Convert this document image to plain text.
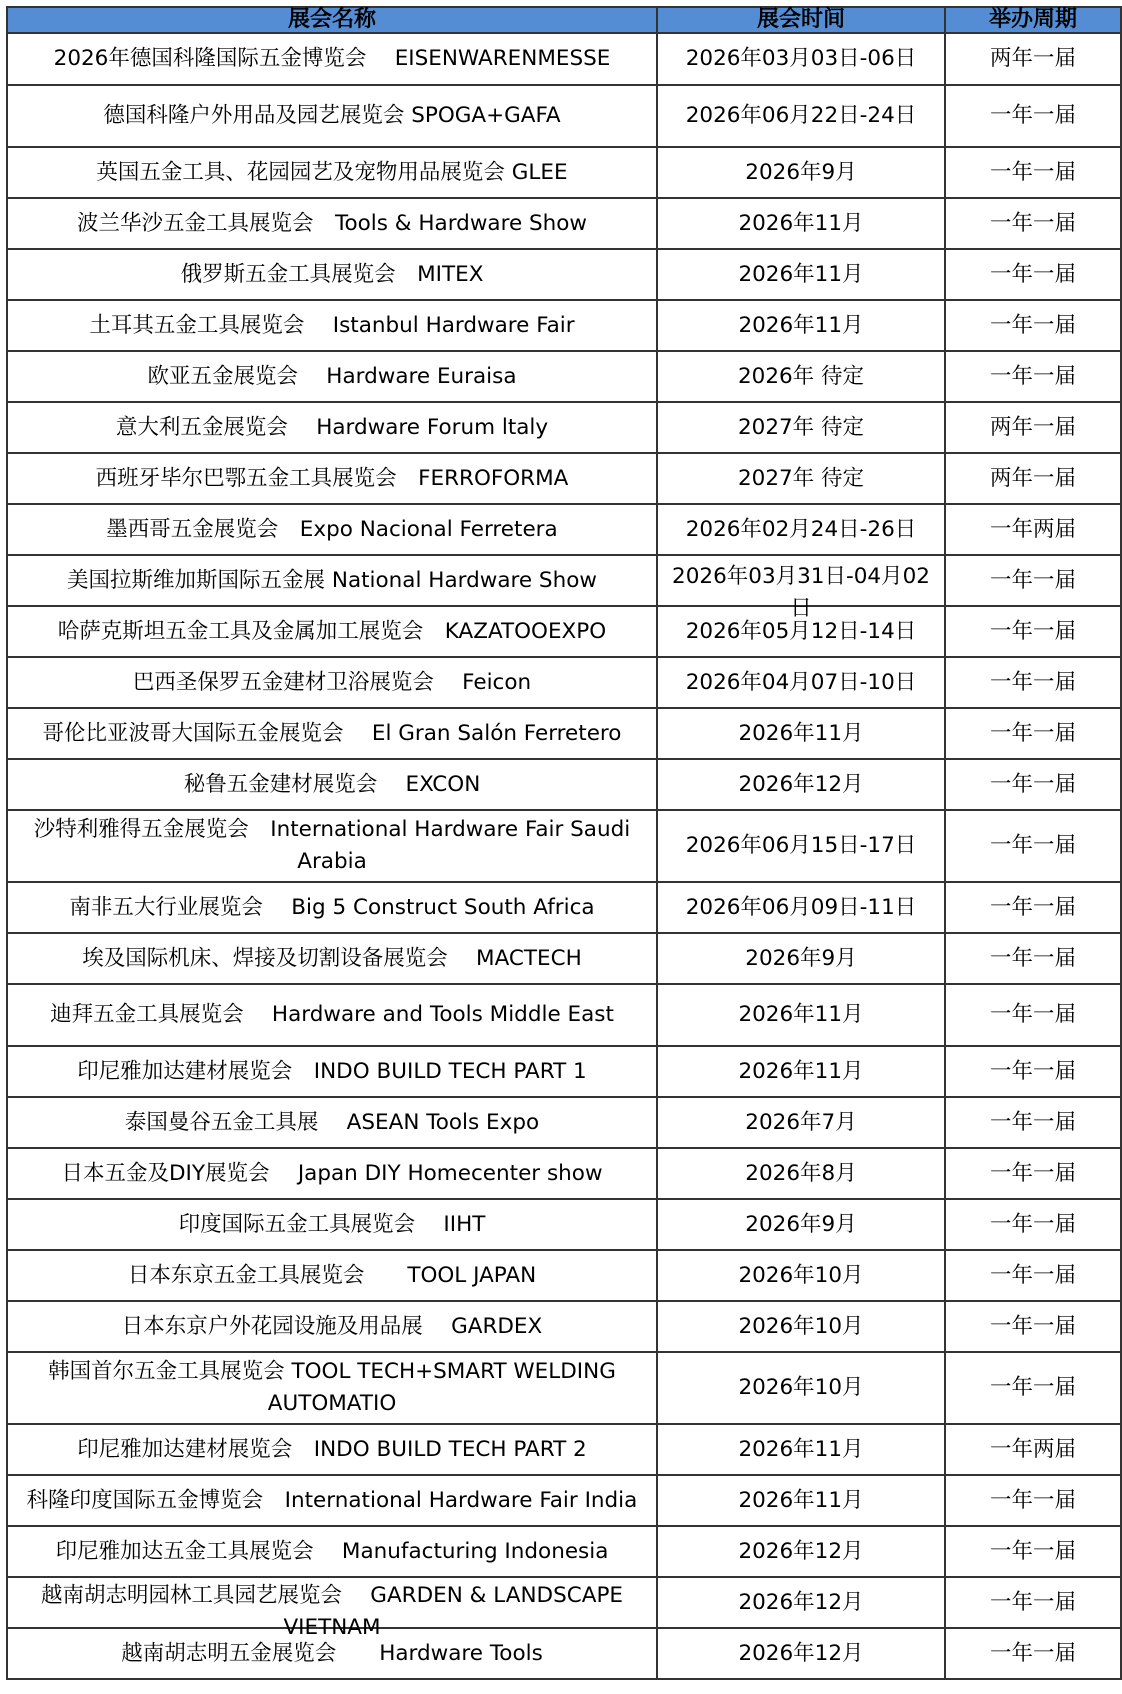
展会名称	展会时间	举办周期
2026年德国科隆国际五金博览会　 EISENWARENMESSE	2026年03月03日-06日	两年一届
德国科隆户外用品及园艺展览会 SPOGA+GAFA	2026年06月22日-24日	一年一届
英国五金工具、花园园艺及宠物用品展览会 GLEE	2026年9月	一年一届
波兰华沙五金工具展览会　Tools & Hardware Show	2026年11月	一年一届
俄罗斯五金工具展览会　MITEX	2026年11月	一年一届
土耳其五金工具展览会　 Istanbul Hardware Fair	2026年11月	一年一届
欧亚五金展览会　 Hardware Euraisa	2026年 待定	一年一届
意大利五金展览会　 Hardware Forum ltaly	2027年 待定	两年一届
西班牙毕尔巴鄂五金工具展览会　FERROFORMA	2027年 待定	两年一届
墨西哥五金展览会　Expo Nacional Ferretera	2026年02月24日-26日	一年两届
美国拉斯维加斯国际五金展 National Hardware Show	2026年03月31日-04月02日	一年一届
哈萨克斯坦五金工具及金属加工展览会　KAZATOOEXPO	2026年05月12日-14日	一年一届
巴西圣保罗五金建材卫浴展览会　 Feicon	2026年04月07日-10日	一年一届
哥伦比亚波哥大国际五金展览会　 El Gran Salón Ferretero	2026年11月	一年一届
秘鲁五金建材展览会　 EXCON	2026年12月	一年一届
沙特利雅得五金展览会　International Hardware Fair Saudi Arabia	2026年06月15日-17日	一年一届
南非五大行业展览会　 Big 5 Construct South Africa	2026年06月09日-11日	一年一届
埃及国际机床、焊接及切割设备展览会　 MACTECH	2026年9月	一年一届
迪拜五金工具展览会　 Hardware and Tools Middle East	2026年11月	一年一届
印尼雅加达建材展览会　INDO BUILD TECH PART 1	2026年11月	一年一届
泰国曼谷五金工具展　 ASEAN Tools Expo	2026年7月	一年一届
日本五金及DIY展览会　 Japan DIY Homecenter show	2026年8月	一年一届
印度国际五金工具展览会　 IIHT	2026年9月	一年一届
日本东京五金工具展览会　　TOOL JAPAN	2026年10月	一年一届
日本东京户外花园设施及用品展　 GARDEX	2026年10月	一年一届
韩国首尔五金工具展览会 TOOL TECH+SMART WELDING AUTOMATIO	2026年10月	一年一届
印尼雅加达建材展览会　INDO BUILD TECH PART 2	2026年11月	一年两届
科隆印度国际五金博览会　International Hardware Fair India	2026年11月	一年一届
印尼雅加达五金工具展览会　 Manufacturing Indonesia	2026年12月	一年一届

越南胡志明园林工具园艺展览会　 GARDEN & LANDSCAPE VIETNAM	2026年12月	一年一届
越南胡志明五金展览会　　Hardware Tools	2026年12月	一年一届
